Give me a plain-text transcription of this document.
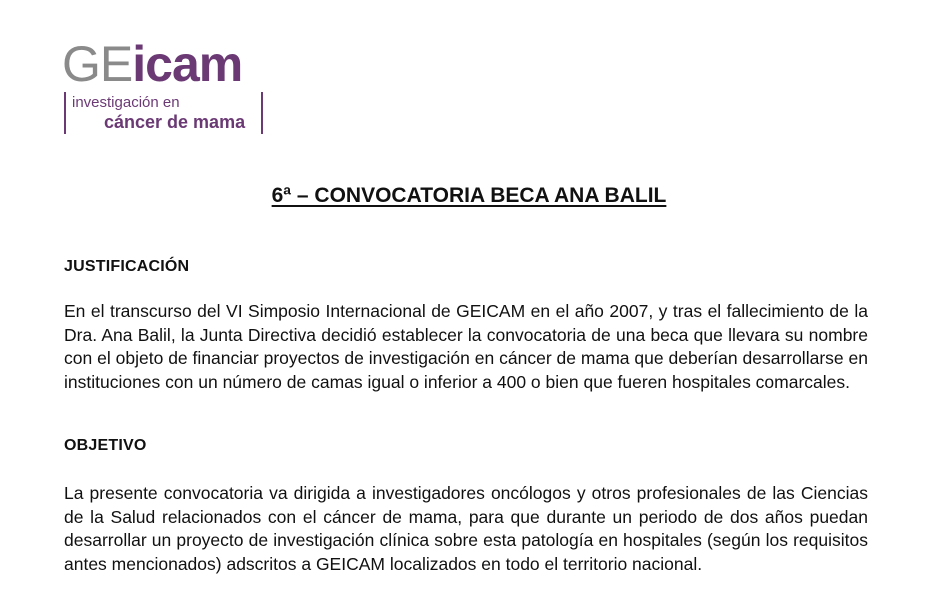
GEicam
investigación en
cáncer de mama
6ª – CONVOCATORIA BECA ANA BALIL
JUSTIFICACIÓN

En el transcurso del VI Simposio Internacional de GEICAM en el año 2007, y tras el fallecimiento de la Dra. Ana Balil, la Junta Directiva decidió establecer la convocatoria de una beca que llevara su nombre con el objeto de financiar proyectos de investigación en cáncer de mama que deberían desarrollarse en instituciones con un número de camas igual o inferior a 400 o bien que fueren hospitales comarcales.

OBJETIVO

La presente convocatoria va dirigida a investigadores oncólogos y otros profesionales de las Ciencias de la Salud relacionados con el cáncer de mama, para que durante un periodo de dos años puedan desarrollar un proyecto de investigación clínica sobre esta patología en hospitales (según los requisitos antes mencionados) adscritos a GEICAM localizados en todo el territorio nacional.
